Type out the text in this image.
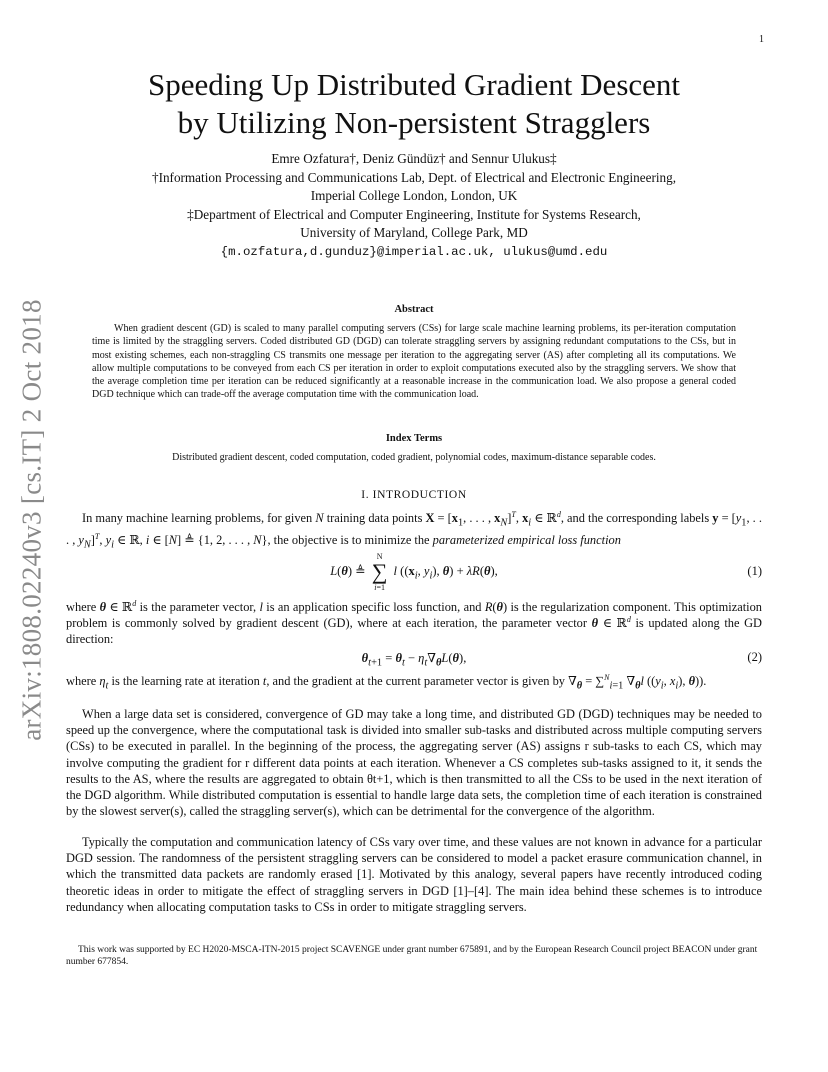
1
arXiv:1808.02240v3 [cs.IT] 2 Oct 2018
Speeding Up Distributed Gradient Descent
by Utilizing Non-persistent Stragglers
Emre Ozfatura†, Deniz Gündüz† and Sennur Ulukus‡
†Information Processing and Communications Lab, Dept. of Electrical and Electronic Engineering,
Imperial College London, London, UK
‡Department of Electrical and Computer Engineering, Institute for Systems Research,
University of Maryland, College Park, MD
{m.ozfatura,d.gunduz}@imperial.ac.uk, ulukus@umd.edu
Abstract

When gradient descent (GD) is scaled to many parallel computing servers (CSs) for large scale machine learning problems, its per-iteration computation time is limited by the straggling servers. Coded distributed GD (DGD) can tolerate straggling servers by assigning redundant computations to the CSs, but in most existing schemes, each non-straggling CS transmits one message per iteration to the aggregating server (AS) after completing all its computations. We allow multiple computations to be conveyed from each CS per iteration in order to exploit computations executed also by the straggling servers. We show that the average completion time per iteration can be reduced significantly at a reasonable increase in the communication load. We also propose a general coded DGD technique which can trade-off the average computation time with the communication load.

Index Terms

Distributed gradient descent, coded computation, coded gradient, polynomial codes, maximum-distance separable codes.

I. INTRODUCTION

In many machine learning problems, for given N training data points $X = [x_1$, . . . , $x_N]^T$, $x_i$ ∈ ℝ$^d$, and the corresponding labels $y = [y_1$, . . . , $y_N]^T$, $y_i$ ∈ ℝ, i ∈ [N] ≜ {1, 2, . . . , N}, the objective is to minimize the parameterized empirical loss function

L(θ) ≜ N
∑
i=1 l (($x_i$, $y_i$), θ) + λR(θ),	(1)

where θ ∈ ℝ$^d$ is the parameter vector, l is an application specific loss function, and R(θ) is the regularization component. This optimization problem is commonly solved by gradient descent (GD), where at each iteration, the parameter vector θ ∈ ℝ$^d$ is updated along the GD direction:

$\theta_{t+1} = \theta_t - \eta_t\nabla_\theta L(\theta)$,	(2)

where $\eta_t$ is the learning rate at iteration t, and the gradient at the current parameter vector is given by $\nabla_\theta = \sum^N_{i=1}$ $\nabla_\theta l$ (($y_i$, $x_i$), θ)).

When a large data set is considered, convergence of GD may take a long time, and distributed GD (DGD) techniques may be needed to speed up the convergence, where the computational task is divided into smaller sub-tasks and distributed across multiple computing servers (CSs) to be executed in parallel. In the beginning of the process, the aggregating server (AS) assigns r sub-tasks to each CS, which may involve computing the gradient for r different data points at each iteration. Whenever a CS completes sub-tasks assigned to it, it sends the results to the AS, where the results are aggregated to obtain θt+1, which is then transmitted to all the CSs to be used in the next iteration of the DGD algorithm. While distributed computation is essential to handle large data sets, the completion time of each iteration is constrained by the slowest server(s), called the straggling server(s), which can be detrimental for the convergence of the algorithm.

Typically the computation and communication latency of CSs vary over time, and these values are not known in advance for a particular DGD session. The randomness of the persistent straggling servers can be considered to model a packet erasure communication channel, in which the transmitted data packets are randomly erased [1]. Motivated by this analogy, several papers have recently introduced coding theoretic ideas in order to mitigate the effect of straggling servers in DGD [1]–[4]. The main idea behind these schemes is to introduce redundancy when allocating computation tasks to CSs in order to mitigate straggling servers.

This work was supported by EC H2020-MSCA-ITN-2015 project SCAVENGE under grant number 675891, and by the European Research Council project BEACON under grant number 677854.
